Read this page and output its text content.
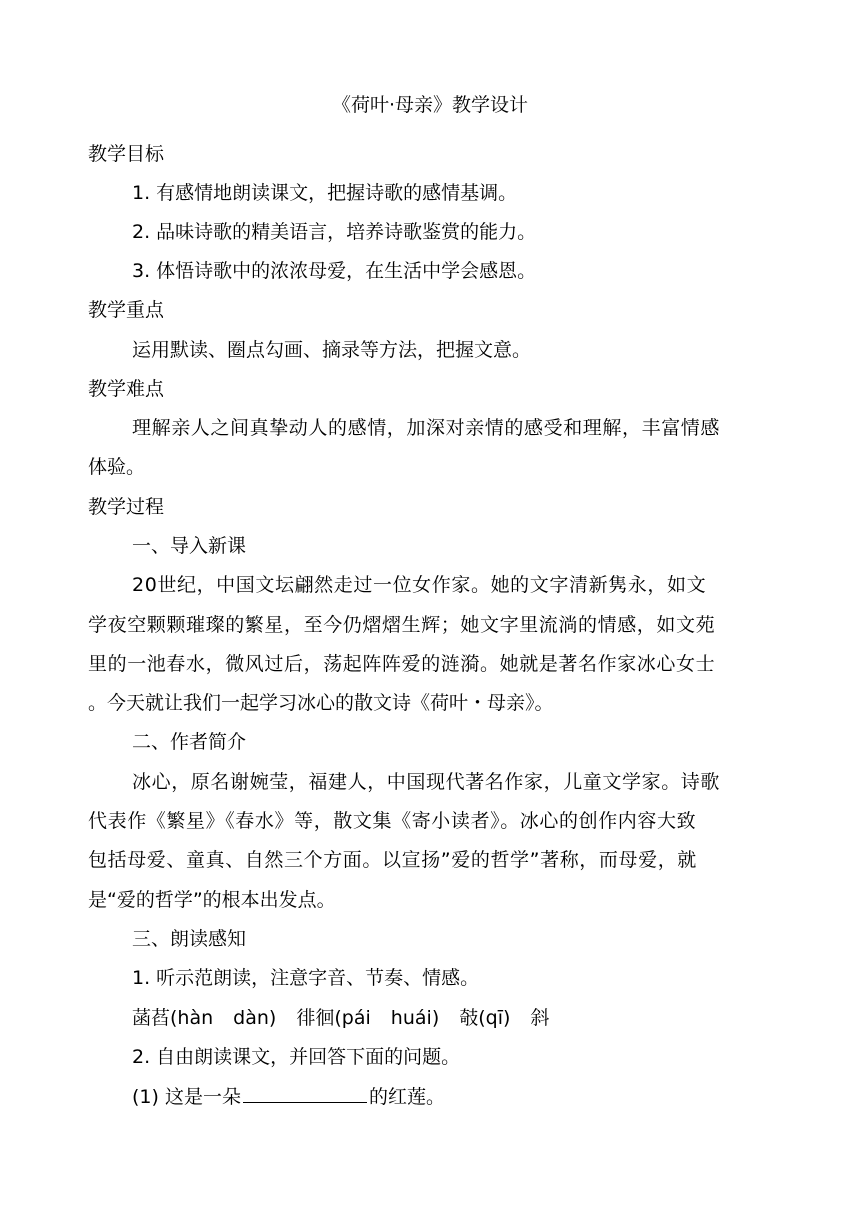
《荷叶·母亲》教学设计
教学目标
1. 有感情地朗读课文，把握诗歌的感情基调。
2. 品味诗歌的精美语言，培养诗歌鉴赏的能力。
3. 体悟诗歌中的浓浓母爱，在生活中学会感恩。
教学重点
运用默读、圈点勾画、摘录等方法，把握文意。
教学难点
理解亲人之间真挚动人的感情，加深对亲情的感受和理解，丰富情感
体验。
教学过程
一、导入新课
20世纪，中国文坛翩然走过一位女作家。她的文字清新隽永，如文
学夜空颗颗璀璨的繁星，至今仍熠熠生辉；她文字里流淌的情感，如文苑
里的一池春水，微风过后，荡起阵阵爱的涟漪。她就是著名作家冰心女士
。今天就让我们一起学习冰心的散文诗《荷叶・母亲》。
二、作者简介
冰心，原名谢婉莹，福建人，中国现代著名作家，儿童文学家。诗歌
代表作《繁星》《春水》等，散文集《寄小读者》。冰心的创作内容大致
包括母爱、童真、自然三个方面。以宣扬”爱的哲学”著称，而母爱，就
是“爱的哲学”的根本出发点。
三、朗读感知
1. 听示范朗读，注意字音、节奏、情感。
菡萏(hàn dàn) 徘徊(pái huái) 攲(qī) 斜
2. 自由朗读课文，并回答下面的问题。
(1) 这是一朵	的红莲。
